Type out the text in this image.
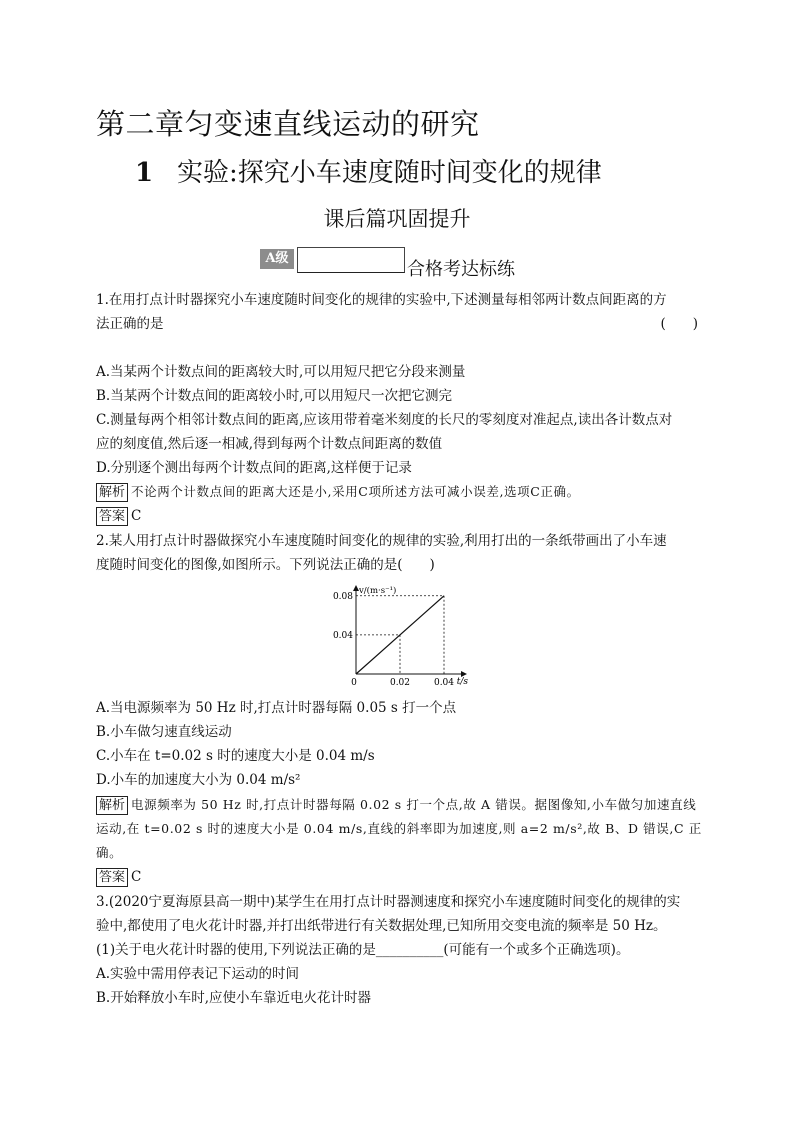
第二章匀变速直线运动的研究
1 实验:探究小车速度随时间变化的规律
课后篇巩固提升
A级
合格考达标练
1.在用打点计时器探究小车速度随时间变化的规律的实验中,下述测量每相邻两计数点间距离的方
法正确的是	(　　)
A.当某两个计数点间的距离较大时,可以用短尺把它分段来测量
B.当某两个计数点间的距离较小时,可以用短尺一次把它测完
C.测量每两个相邻计数点间的距离,应该用带着毫米刻度的长尺的零刻度对准起点,读出各计数点对
应的刻度值,然后逐一相减,得到每两个计数点间距离的数值
D.分别逐个测出每两个计数点间的距离,这样便于记录
解析 不论两个计数点间的距离大还是小,采用C项所述方法可减小误差,选项C正确。
答案 C
2.某人用打点计时器做探究小车速度随时间变化的规律的实验,利用打出的一条纸带画出了小车速
度随时间变化的图像,如图所示。下列说法正确的是(　　)
t/s
v/(m·s⁻¹)
0	0.02
0.04
0.04
0.08
A.当电源频率为 50 Hz 时,打点计时器每隔 0.05 s 打一个点
B.小车做匀速直线运动
C.小车在 t=0.02 s 时的速度大小是 0.04 m/s
D.小车的加速度大小为 0.04 m/s²
解析 电源频率为 50 Hz 时,打点计时器每隔 0.02 s 打一个点,故 A 错误。据图像知,小车做匀加速直线
运动,在 t=0.02 s 时的速度大小是 0.04 m/s,直线的斜率即为加速度,则 a=2 m/s²,故 B、D 错误,C 正
确。
答案 C
3.(2020宁夏海原县高一期中)某学生在用打点计时器测速度和探究小车速度随时间变化的规律的实
验中,都使用了电火花计时器,并打出纸带进行有关数据处理,已知所用交变电流的频率是 50 Hz。
(1)关于电火花计时器的使用,下列说法正确的是__________(可能有一个或多个正确选项)。
A.实验中需用停表记下运动的时间
B.开始释放小车时,应使小车靠近电火花计时器
